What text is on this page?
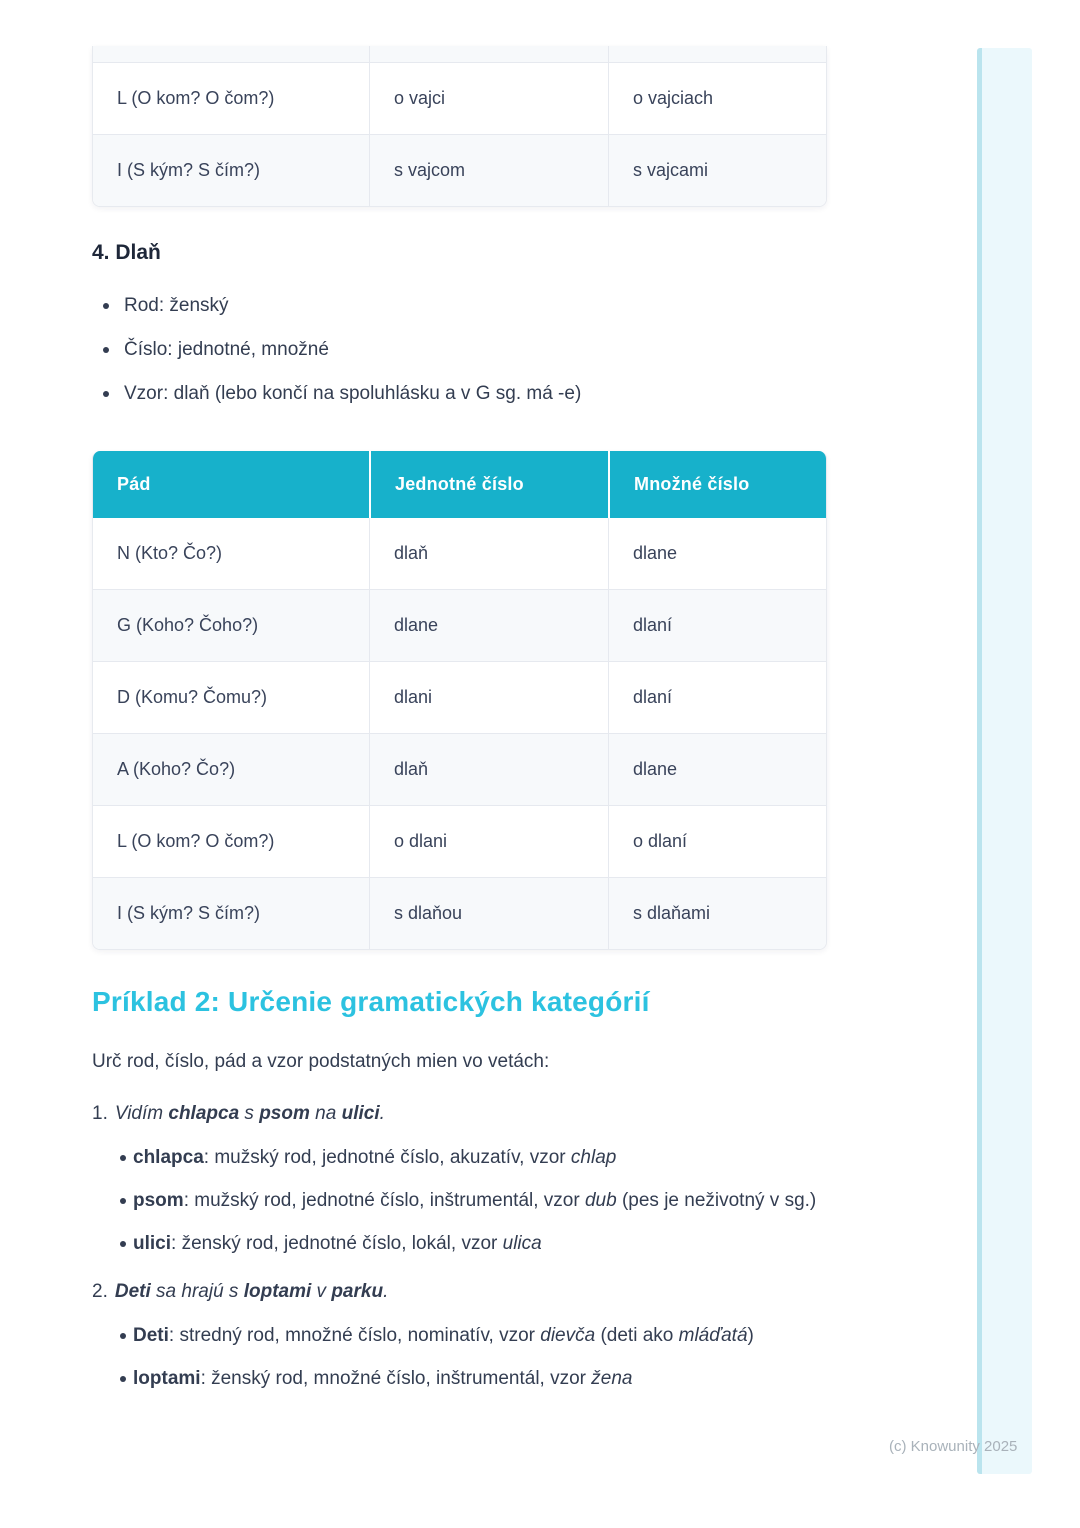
L (O kom? O čom?)	o vajci	o vajciach
I (S kým? S čím?)	s vajcom	s vajcami
4. Dlaň
Rod: ženský
Číslo: jednotné, množné
Vzor: dlaň (lebo končí na spoluhlásku a v G sg. má -e)
Pád	Jednotné číslo	Množné číslo
N (Kto? Čo?)	dlaň	dlane
G (Koho? Čoho?)	dlane	dlaní
D (Komu? Čomu?)	dlani	dlaní
A (Koho? Čo?)	dlaň	dlane
L (O kom? O čom?)	o dlani	o dlaní
I (S kým? S čím?)	s dlaňou	s dlaňami
Príklad 2: Určenie gramatických kategórií
Urč rod, číslo, pád a vzor podstatných mien vo vetách:
1. Vidím chlapca s psom na ulici.
chlapca: mužský rod, jednotné číslo, akuzatív, vzor chlap
psom: mužský rod, jednotné číslo, inštrumentál, vzor dub (pes je neživotný v sg.)
ulici: ženský rod, jednotné číslo, lokál, vzor ulica
2. Deti sa hrajú s loptami v parku.
Deti: stredný rod, množné číslo, nominatív, vzor dievča (deti ako mláďatá)
loptami: ženský rod, množné číslo, inštrumentál, vzor žena
(c) Knowunity 2025
